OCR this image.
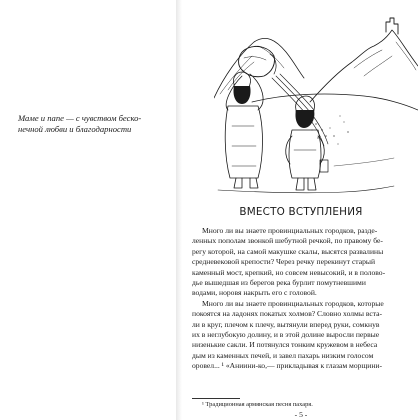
Маме и папе — с чувством беско-
нечной любви и благодарности
ВМЕСТО ВСТУПЛЕНИЯ
Много ли вы знаете провинциальных городков, разде-
ленных пополам звонкой шебутной речкой, по правому бе-
регу которой, на самой макушке скалы, высятся развалины
средневековой крепости? Через речку перекинут старый
каменный мост, крепкий, но совсем невысокий, и в полово-
дье вышедшая из берегов река бурлит помутневшими
водами, норовя накрыть его с головой.
Много ли вы знаете провинциальных городков, которые
покоятся на ладонях покатых холмов? Словно холмы вста-
ли в круг, плечом к плечу, вытянули вперед руки, сомкнув
их в неглубокую долину, и в этой долине выросли первые
низенькие сакли. И потянулся тонким кружевом в небеса
дым из каменных печей, и завел пахарь низким голосом
оровел... ¹ «Аниини-ко,— прикладывая к глазам морщини-
¹ Традиционная армянская песня пахаря.
- 5 -
